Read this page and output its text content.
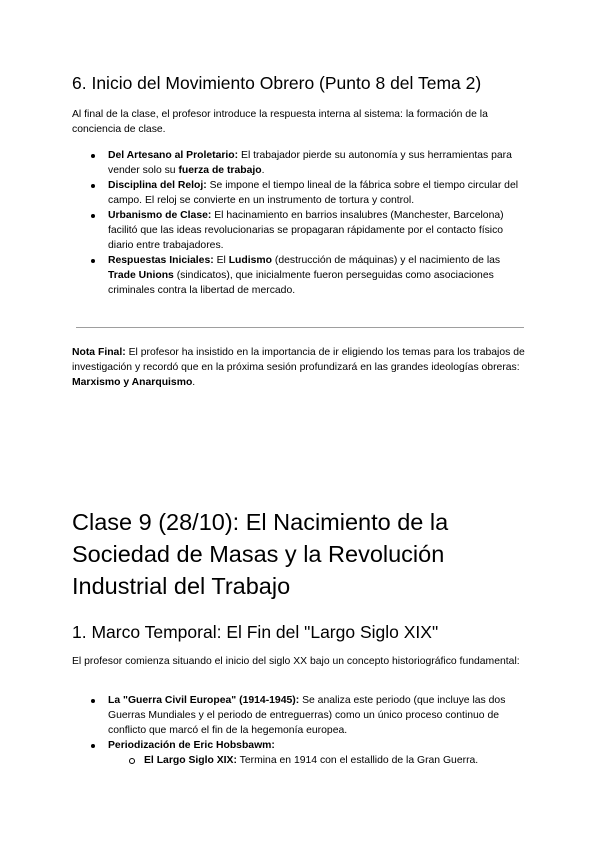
6. Inicio del Movimiento Obrero (Punto 8 del Tema 2)

Al final de la clase, el profesor introduce la respuesta interna al sistema: la formación de la conciencia de clase.

Del Artesano al Proletario: El trabajador pierde su autonomía y sus herramientas para vender solo su fuerza de trabajo.
Disciplina del Reloj: Se impone el tiempo lineal de la fábrica sobre el tiempo circular del campo. El reloj se convierte en un instrumento de tortura y control.
Urbanismo de Clase: El hacinamiento en barrios insalubres (Manchester, Barcelona) facilitó que las ideas revolucionarias se propagaran rápidamente por el contacto físico diario entre trabajadores.
Respuestas Iniciales: El Ludismo (destrucción de máquinas) y el nacimiento de las Trade Unions (sindicatos), que inicialmente fueron perseguidas como asociaciones criminales contra la libertad de mercado.

Nota Final: El profesor ha insistido en la importancia de ir eligiendo los temas para los trabajos de investigación y recordó que en la próxima sesión profundizará en las grandes ideologías obreras: Marxismo y Anarquismo.

Clase 9 (28/10): El Nacimiento de la Sociedad de Masas y la Revolución Industrial del Trabajo
1. Marco Temporal: El Fin del "Largo Siglo XIX"

El profesor comienza situando el inicio del siglo XX bajo un concepto historiográfico fundamental:

La "Guerra Civil Europea" (1914-1945): Se analiza este periodo (que incluye las dos Guerras Mundiales y el periodo de entreguerras) como un único proceso continuo de conflicto que marcó el fin de la hegemonía europea.
Periodización de Eric Hobsbawm:
El Largo Siglo XIX: Termina en 1914 con el estallido de la Gran Guerra.
